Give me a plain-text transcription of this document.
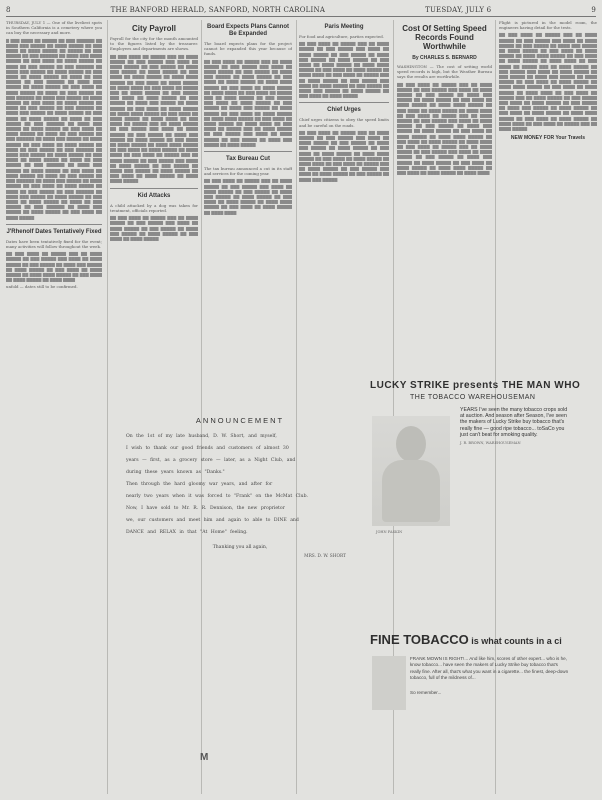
8	THE BANFORD HERALD, SANFORD, NORTH CAROLINA	TUESDAY, JULY 6	9

THURSDAY, JULY 1 — One of the liveliest spots in Southern California is a cemetery where you can buy the necessary and more.

▇ ▇▇▇ ▇▇▇▇ ▇▇ ▇▇▇▇▇ ▇▇ ▇▇▇ ▇▇▇▇▇▇ ▇▇ ▇▇▇▇ ▇▇▇ ▇▇▇▇▇ ▇▇ ▇▇▇▇ ▇▇▇▇▇ ▇▇ ▇▇▇ ▇▇▇▇ ▇▇ ▇▇▇▇ ▇▇▇▇▇ ▇▇ ▇▇▇▇▇ ▇▇ ▇▇▇ ▇▇▇▇▇ ▇▇ ▇▇▇ ▇▇▇▇▇▇ ▇▇ ▇▇▇▇ ▇▇▇ ▇▇▇▇ ▇▇▇▇▇ ▇▇ ▇▇▇ ▇▇▇▇ ▇▇ ▇▇▇▇ ▇▇▇▇▇ ▇▇ ▇▇▇▇ ▇▇ ▇▇▇ ▇▇▇▇▇ ▇▇ ▇▇▇ ▇▇▇▇▇▇ ▇▇ ▇▇▇▇ ▇▇▇ ▇▇▇▇▇ ▇▇ ▇▇▇▇ ▇▇▇▇▇ ▇▇ ▇▇▇ ▇▇▇▇ ▇▇ ▇▇▇▇ ▇▇▇▇▇ ▇▇ ▇▇▇▇ ▇▇ ▇▇▇ ▇▇▇▇▇ ▇▇ ▇▇▇ ▇▇▇▇▇▇ ▇▇ ▇▇▇▇ ▇▇▇ ▇▇▇▇▇ ▇▇ ▇▇▇▇ ▇▇▇▇▇ ▇▇ ▇▇▇ ▇▇▇▇ ▇▇ ▇▇▇▇ ▇▇▇▇▇ ▇▇ ▇▇▇▇ ▇▇ ▇▇▇ ▇▇▇▇▇ ▇▇ ▇▇▇ ▇▇▇▇▇▇ ▇▇ ▇▇▇▇ ▇▇▇ ▇▇▇▇▇ ▇▇ ▇▇▇▇ ▇▇▇▇▇ ▇▇ ▇▇▇ ▇▇▇▇ ▇▇ ▇▇▇▇ ▇▇▇▇▇ ▇▇ ▇▇▇▇ ▇▇ ▇▇▇ ▇▇▇▇▇ ▇▇ ▇▇▇ ▇▇▇▇▇▇ ▇▇ ▇▇▇▇ ▇▇▇ ▇▇▇▇▇ ▇▇ ▇▇▇▇ ▇▇▇▇▇ ▇▇ ▇▇▇ ▇▇▇▇ ▇▇ ▇▇▇▇ ▇▇▇▇▇ ▇▇ ▇▇▇▇ ▇▇ ▇▇▇ ▇▇▇▇▇ ▇▇ ▇▇▇ ▇▇▇▇▇▇ ▇▇ ▇▇▇▇ ▇▇▇ ▇▇▇▇▇ ▇▇ ▇▇▇▇ ▇▇▇▇▇ ▇▇ ▇▇▇ ▇▇▇▇ ▇▇ ▇▇▇▇ ▇▇▇▇▇ ▇▇ ▇▇▇▇ ▇▇ ▇▇▇ ▇▇▇▇▇ ▇▇ ▇▇▇ ▇▇▇▇▇▇ ▇▇ ▇▇▇▇ ▇▇▇ ▇▇▇▇▇ ▇▇ ▇▇▇▇ ▇▇▇▇▇ ▇▇ ▇▇▇ ▇▇▇▇ ▇▇ ▇▇▇▇ ▇▇▇▇▇ ▇▇ ▇▇▇▇ ▇▇ ▇▇▇ ▇▇▇▇▇ ▇▇ ▇▇▇ ▇▇▇▇▇▇ ▇▇ ▇▇▇▇ ▇▇▇ ▇▇▇▇▇ ▇▇ ▇▇▇▇ ▇▇▇▇▇ ▇▇ ▇▇▇ ▇▇▇▇ ▇▇ ▇▇▇▇ ▇▇▇▇▇ ▇▇ ▇▇▇▇ ▇▇ ▇▇▇ ▇▇▇▇▇ ▇▇ ▇▇▇ ▇▇▇▇▇▇ ▇▇ ▇▇▇▇ ▇▇▇ ▇▇▇▇▇ ▇▇ ▇▇▇▇ ▇▇▇▇▇ ▇▇ ▇▇▇ ▇▇▇▇ ▇▇ ▇▇▇▇ ▇▇▇▇▇ ▇▇ ▇▇▇▇ ▇▇ ▇▇▇ ▇▇▇▇▇ ▇▇ ▇▇▇ ▇▇▇▇▇▇ ▇▇ ▇▇▇▇ ▇▇▇ ▇▇▇▇▇ ▇▇ ▇▇▇▇ ▇▇▇▇▇ ▇▇ ▇▇▇ ▇▇▇▇ ▇▇ ▇▇▇▇ ▇▇▇▇▇ ▇▇ ▇▇▇▇ ▇▇ ▇▇▇ ▇▇▇▇▇ ▇▇ ▇▇▇ ▇▇▇▇▇▇ ▇▇ ▇▇▇▇ ▇▇▇ ▇▇▇▇▇ ▇▇ ▇▇▇▇ ▇▇▇▇▇ ▇▇ ▇▇▇ ▇▇▇▇ ▇▇ ▇▇▇▇ ▇▇▇▇▇ ▇▇ ▇▇▇▇ ▇▇ ▇▇▇ ▇▇▇▇▇ ▇▇ ▇▇▇ ▇▇▇▇▇▇ ▇▇ ▇▇▇▇ ▇▇▇ ▇▇▇▇▇ ▇▇ ▇▇▇▇ ▇▇▇▇▇ ▇▇ ▇▇▇ ▇▇▇▇ ▇▇ ▇▇▇▇ ▇▇▇▇▇

J'Rhenolf Dates Tentatively Fixed

Dates have been tentatively fixed for the event; many activities will follow throughout the week.

▇▇ ▇▇▇ ▇▇▇▇ ▇▇ ▇▇▇▇▇ ▇▇▇ ▇▇ ▇▇▇▇ ▇▇▇▇▇ ▇▇ ▇▇▇ ▇▇▇▇▇ ▇▇▇ ▇▇▇▇ ▇▇ ▇▇▇▇ ▇▇▇▇▇ ▇▇ ▇▇▇ ▇▇▇▇▇ ▇▇ ▇▇▇▇ ▇▇▇ ▇▇▇▇▇ ▇▇ ▇▇▇▇ ▇▇▇▇▇ ▇▇ ▇▇▇ ▇▇▇▇ ▇▇ ▇▇▇▇ ▇▇▇▇▇ ▇▇ ▇▇▇▇ ▇▇▇▇ ▇▇▇▇▇ ▇▇ ▇▇▇ ▇▇▇▇ ▇▇ ▇▇▇▇ ▇▇▇▇▇ ▇▇ ▇▇▇▇ ▇▇▇▇

unfold — dates still to be confirmed.

City Payroll

Payroll for the city for the month amounted to the figures listed by the treasurer. Employees and departments are shown.

▇▇ ▇▇▇ ▇▇▇▇ ▇▇ ▇▇▇▇▇ ▇▇▇ ▇▇ ▇▇▇▇ ▇▇▇▇▇ ▇▇ ▇▇▇ ▇▇▇▇▇ ▇▇▇ ▇▇▇▇ ▇▇ ▇▇▇▇ ▇▇▇▇▇ ▇▇ ▇▇▇ ▇▇▇▇▇ ▇▇ ▇▇▇▇ ▇▇▇ ▇▇▇▇▇ ▇▇ ▇▇▇▇ ▇▇▇▇▇ ▇▇ ▇▇▇ ▇▇▇▇ ▇▇ ▇▇▇▇ ▇▇▇▇▇ ▇▇ ▇▇▇▇ ▇▇▇▇ ▇▇▇▇▇ ▇▇ ▇▇▇ ▇▇▇▇ ▇▇ ▇▇▇▇ ▇▇▇▇▇ ▇▇ ▇▇▇▇ ▇▇▇▇ ▇▇ ▇▇▇ ▇▇▇▇ ▇▇ ▇▇▇▇▇ ▇▇▇ ▇▇ ▇▇▇▇ ▇▇▇▇▇ ▇▇ ▇▇▇ ▇▇▇▇▇ ▇▇▇ ▇▇▇▇ ▇▇ ▇▇▇▇ ▇▇▇▇▇ ▇▇ ▇▇▇ ▇▇▇▇▇ ▇▇ ▇▇▇▇ ▇▇▇ ▇▇▇▇▇ ▇▇ ▇▇▇▇ ▇▇▇▇▇ ▇▇ ▇▇▇ ▇▇▇▇ ▇▇ ▇▇▇▇ ▇▇▇▇▇ ▇▇ ▇▇▇▇ ▇▇▇▇ ▇▇▇▇▇ ▇▇ ▇▇▇ ▇▇▇▇ ▇▇ ▇▇▇▇ ▇▇▇▇▇ ▇▇ ▇▇▇▇ ▇▇▇▇ ▇▇ ▇▇▇ ▇▇▇▇ ▇▇ ▇▇▇▇▇ ▇▇▇ ▇▇ ▇▇▇▇ ▇▇▇▇▇ ▇▇ ▇▇▇ ▇▇▇▇▇ ▇▇▇ ▇▇▇▇ ▇▇ ▇▇▇▇ ▇▇▇▇▇ ▇▇ ▇▇▇ ▇▇▇▇▇ ▇▇ ▇▇▇▇ ▇▇▇ ▇▇▇▇▇ ▇▇ ▇▇▇▇ ▇▇▇▇▇ ▇▇ ▇▇▇ ▇▇▇▇ ▇▇ ▇▇▇▇ ▇▇▇▇▇ ▇▇ ▇▇▇▇ ▇▇▇▇ ▇▇▇▇▇ ▇▇ ▇▇▇ ▇▇▇▇ ▇▇ ▇▇▇▇ ▇▇▇▇▇ ▇▇ ▇▇▇▇ ▇▇▇▇ ▇▇ ▇▇▇ ▇▇▇▇ ▇▇ ▇▇▇▇▇ ▇▇▇ ▇▇ ▇▇▇▇ ▇▇▇▇▇ ▇▇ ▇▇▇ ▇▇▇▇▇ ▇▇▇ ▇▇▇▇ ▇▇ ▇▇▇▇ ▇▇▇▇▇ ▇▇ ▇▇▇ ▇▇▇▇▇ ▇▇ ▇▇▇▇ ▇▇▇ ▇▇▇▇▇ ▇▇ ▇▇▇▇ ▇▇▇▇▇ ▇▇ ▇▇▇ ▇▇▇▇ ▇▇ ▇▇▇▇ ▇▇▇▇▇ ▇▇ ▇▇▇▇ ▇▇▇▇ ▇▇▇▇▇

Kid Attacks

A child attacked by a dog was taken for treatment, officials reported.

▇▇ ▇▇▇ ▇▇▇▇ ▇▇ ▇▇▇▇▇ ▇▇▇ ▇▇ ▇▇▇▇ ▇▇▇▇▇ ▇▇ ▇▇▇ ▇▇▇▇▇ ▇▇▇ ▇▇▇▇ ▇▇ ▇▇▇▇ ▇▇▇▇▇ ▇▇ ▇▇▇ ▇▇▇▇▇ ▇▇ ▇▇▇▇ ▇▇▇ ▇▇▇▇▇ ▇▇ ▇▇▇▇ ▇▇▇▇▇ ▇▇ ▇▇▇ ▇▇▇▇ ▇▇ ▇▇▇▇ ▇▇▇▇▇

Board Expects Plans Cannot Be Expanded

The board expects plans for the project cannot be expanded this year because of funds.

▇▇ ▇▇▇ ▇▇▇▇ ▇▇ ▇▇▇▇▇ ▇▇▇ ▇▇ ▇▇▇▇ ▇▇▇▇▇ ▇▇ ▇▇▇ ▇▇▇▇▇ ▇▇▇ ▇▇▇▇ ▇▇ ▇▇▇▇ ▇▇▇▇▇ ▇▇ ▇▇▇ ▇▇▇▇▇ ▇▇ ▇▇▇▇ ▇▇▇ ▇▇▇▇▇ ▇▇ ▇▇▇▇ ▇▇▇▇▇ ▇▇ ▇▇▇ ▇▇▇▇ ▇▇ ▇▇▇▇ ▇▇▇▇▇ ▇▇ ▇▇▇▇ ▇▇▇▇ ▇▇▇▇▇ ▇▇ ▇▇▇ ▇▇▇▇ ▇▇ ▇▇▇▇ ▇▇▇▇▇ ▇▇ ▇▇▇▇ ▇▇▇▇ ▇▇ ▇▇▇ ▇▇▇▇ ▇▇ ▇▇▇▇▇ ▇▇▇ ▇▇ ▇▇▇▇ ▇▇▇▇▇ ▇▇ ▇▇▇ ▇▇▇▇▇ ▇▇▇ ▇▇▇▇ ▇▇ ▇▇▇▇ ▇▇▇▇▇ ▇▇ ▇▇▇ ▇▇▇▇▇ ▇▇ ▇▇▇▇ ▇▇▇ ▇▇▇▇▇ ▇▇ ▇▇▇▇ ▇▇▇▇▇ ▇▇ ▇▇▇ ▇▇▇▇ ▇▇ ▇▇▇▇ ▇▇▇▇▇ ▇▇ ▇▇▇▇ ▇▇▇▇ ▇▇▇▇▇ ▇▇ ▇▇▇ ▇▇▇▇ ▇▇ ▇▇▇▇ ▇▇▇▇▇ ▇▇ ▇▇▇▇ ▇▇▇▇ ▇▇ ▇▇▇ ▇▇▇▇ ▇▇ ▇▇▇▇▇ ▇▇▇ ▇▇ ▇▇▇▇ ▇▇▇▇▇ ▇▇ ▇▇▇ ▇▇▇▇▇ ▇▇▇ ▇▇▇▇ ▇▇ ▇▇▇▇ ▇▇▇▇▇ ▇▇ ▇▇▇ ▇▇▇▇▇ ▇▇ ▇▇▇▇ ▇▇▇ ▇▇▇▇▇ ▇▇ ▇▇▇▇ ▇▇▇▇▇

Tax Bureau Cut

The tax bureau announced a cut in its staff and services for the coming year.

▇▇ ▇▇▇ ▇▇▇▇ ▇▇ ▇▇▇▇▇ ▇▇▇ ▇▇ ▇▇▇▇ ▇▇▇▇▇ ▇▇ ▇▇▇ ▇▇▇▇▇ ▇▇▇ ▇▇▇▇ ▇▇ ▇▇▇▇ ▇▇▇▇▇ ▇▇ ▇▇▇ ▇▇▇▇▇ ▇▇ ▇▇▇▇ ▇▇▇ ▇▇▇▇▇ ▇▇ ▇▇▇▇ ▇▇▇▇▇ ▇▇ ▇▇▇ ▇▇▇▇ ▇▇ ▇▇▇▇ ▇▇▇▇▇ ▇▇ ▇▇▇▇ ▇▇▇▇ ▇▇▇▇▇ ▇▇ ▇▇▇ ▇▇▇▇ ▇▇ ▇▇▇▇ ▇▇▇▇▇ ▇▇ ▇▇▇▇ ▇▇▇▇

Paris Meeting

For food and agriculture, parties expected.

▇▇ ▇▇▇ ▇▇▇▇ ▇▇ ▇▇▇▇▇ ▇▇▇ ▇▇ ▇▇▇▇ ▇▇▇▇▇ ▇▇ ▇▇▇ ▇▇▇▇▇ ▇▇▇ ▇▇▇▇ ▇▇ ▇▇▇▇ ▇▇▇▇▇ ▇▇ ▇▇▇ ▇▇▇▇▇ ▇▇ ▇▇▇▇ ▇▇▇ ▇▇▇▇▇ ▇▇ ▇▇▇▇ ▇▇▇▇▇ ▇▇ ▇▇▇ ▇▇▇▇ ▇▇ ▇▇▇▇ ▇▇▇▇▇ ▇▇ ▇▇▇▇ ▇▇▇▇ ▇▇▇▇▇ ▇▇ ▇▇▇ ▇▇▇▇ ▇▇ ▇▇▇▇ ▇▇▇▇▇ ▇▇ ▇▇▇▇ ▇▇▇▇ ▇▇ ▇▇▇ ▇▇▇▇ ▇▇ ▇▇▇▇▇ ▇▇▇ ▇▇ ▇▇▇▇ ▇▇▇▇▇ ▇▇ ▇▇▇ ▇▇▇▇▇ ▇▇▇ ▇▇▇▇ ▇▇ ▇▇▇▇ ▇▇▇▇▇ ▇▇ ▇▇▇ ▇▇▇▇▇ ▇▇ ▇▇▇▇ ▇▇▇ ▇▇▇▇▇ ▇▇ ▇▇▇▇ ▇▇▇▇▇ ▇▇ ▇▇▇ ▇▇▇▇ ▇▇ ▇▇▇▇ ▇▇▇▇▇

Chief Urges

Chief urges citizens to obey the speed limits and be careful on the roads.

▇▇ ▇▇▇ ▇▇▇▇ ▇▇ ▇▇▇▇▇ ▇▇▇ ▇▇ ▇▇▇▇ ▇▇▇▇▇ ▇▇ ▇▇▇ ▇▇▇▇▇ ▇▇▇ ▇▇▇▇ ▇▇ ▇▇▇▇ ▇▇▇▇▇ ▇▇ ▇▇▇ ▇▇▇▇▇ ▇▇ ▇▇▇▇ ▇▇▇ ▇▇▇▇▇ ▇▇ ▇▇▇▇ ▇▇▇▇▇ ▇▇ ▇▇▇ ▇▇▇▇ ▇▇ ▇▇▇▇ ▇▇▇▇▇ ▇▇ ▇▇▇▇ ▇▇▇▇ ▇▇▇▇▇ ▇▇ ▇▇▇ ▇▇▇▇ ▇▇ ▇▇▇▇ ▇▇▇▇▇ ▇▇ ▇▇▇▇ ▇▇▇▇ ▇▇ ▇▇▇ ▇▇▇▇ ▇▇ ▇▇▇▇▇ ▇▇▇ ▇▇ ▇▇▇▇ ▇▇▇▇▇ ▇▇ ▇▇▇ ▇▇▇▇▇ ▇▇▇ ▇▇▇▇ ▇▇ ▇▇▇▇ ▇▇▇▇▇ ▇▇ ▇▇▇ ▇▇▇▇▇ ▇▇ ▇▇▇▇ ▇▇▇ ▇▇▇▇▇

Cost Of Setting Speed Records Found Worthwhile
By CHARLES S. BERNARD

WASHINGTON — The cost of setting world speed records is high, but the Weather Bureau says the results are worthwhile.

▇▇ ▇▇▇ ▇▇▇▇ ▇▇ ▇▇▇▇▇ ▇▇▇ ▇▇ ▇▇▇▇ ▇▇▇▇▇ ▇▇ ▇▇▇ ▇▇▇▇▇ ▇▇▇ ▇▇▇▇ ▇▇ ▇▇▇▇ ▇▇▇▇▇ ▇▇ ▇▇▇ ▇▇▇▇▇ ▇▇ ▇▇▇▇ ▇▇▇ ▇▇▇▇▇ ▇▇ ▇▇▇▇ ▇▇▇▇▇ ▇▇ ▇▇▇ ▇▇▇▇ ▇▇ ▇▇▇▇ ▇▇▇▇▇ ▇▇ ▇▇▇▇ ▇▇▇▇ ▇▇▇▇▇ ▇▇ ▇▇▇ ▇▇▇▇ ▇▇ ▇▇▇▇ ▇▇▇▇▇ ▇▇ ▇▇▇▇ ▇▇▇▇ ▇▇ ▇▇▇ ▇▇▇▇ ▇▇ ▇▇▇▇▇ ▇▇▇ ▇▇ ▇▇▇▇ ▇▇▇▇▇ ▇▇ ▇▇▇ ▇▇▇▇▇ ▇▇▇ ▇▇▇▇ ▇▇ ▇▇▇▇ ▇▇▇▇▇ ▇▇ ▇▇▇ ▇▇▇▇▇ ▇▇ ▇▇▇▇ ▇▇▇ ▇▇▇▇▇ ▇▇ ▇▇▇▇ ▇▇▇▇▇ ▇▇ ▇▇▇ ▇▇▇▇ ▇▇ ▇▇▇▇ ▇▇▇▇▇ ▇▇ ▇▇▇▇ ▇▇▇▇ ▇▇▇▇▇ ▇▇ ▇▇▇ ▇▇▇▇ ▇▇ ▇▇▇▇ ▇▇▇▇▇ ▇▇ ▇▇▇▇ ▇▇▇▇ ▇▇ ▇▇▇ ▇▇▇▇ ▇▇ ▇▇▇▇▇ ▇▇▇ ▇▇ ▇▇▇▇ ▇▇▇▇▇ ▇▇ ▇▇▇ ▇▇▇▇▇ ▇▇▇ ▇▇▇▇ ▇▇ ▇▇▇▇ ▇▇▇▇▇ ▇▇ ▇▇▇ ▇▇▇▇▇ ▇▇ ▇▇▇▇ ▇▇▇ ▇▇▇▇▇ ▇▇ ▇▇▇▇ ▇▇▇▇▇ ▇▇ ▇▇▇ ▇▇▇▇ ▇▇ ▇▇▇▇ ▇▇▇▇▇ ▇▇ ▇▇▇▇ ▇▇▇▇ ▇▇▇▇▇ ▇▇ ▇▇▇ ▇▇▇▇ ▇▇ ▇▇▇▇ ▇▇▇▇▇ ▇▇ ▇▇▇▇ ▇▇▇▇

Flight is pictured in the model room, the engineers having detail for the tests.

▇▇ ▇▇▇ ▇▇▇▇ ▇▇ ▇▇▇▇▇ ▇▇▇ ▇▇ ▇▇▇▇ ▇▇▇▇▇ ▇▇ ▇▇▇ ▇▇▇▇▇ ▇▇▇ ▇▇▇▇ ▇▇ ▇▇▇▇ ▇▇▇▇▇ ▇▇ ▇▇▇ ▇▇▇▇▇ ▇▇ ▇▇▇▇ ▇▇▇ ▇▇▇▇▇ ▇▇ ▇▇▇▇ ▇▇▇▇▇ ▇▇ ▇▇▇ ▇▇▇▇ ▇▇ ▇▇▇▇ ▇▇▇▇▇ ▇▇ ▇▇▇▇ ▇▇▇▇ ▇▇▇▇▇ ▇▇ ▇▇▇ ▇▇▇▇ ▇▇ ▇▇▇▇ ▇▇▇▇▇ ▇▇ ▇▇▇▇ ▇▇▇▇ ▇▇ ▇▇▇ ▇▇▇▇ ▇▇ ▇▇▇▇▇ ▇▇▇ ▇▇ ▇▇▇▇ ▇▇▇▇▇ ▇▇ ▇▇▇ ▇▇▇▇▇ ▇▇▇ ▇▇▇▇ ▇▇ ▇▇▇▇ ▇▇▇▇▇ ▇▇ ▇▇▇ ▇▇▇▇▇ ▇▇ ▇▇▇▇ ▇▇▇ ▇▇▇▇▇ ▇▇ ▇▇▇▇ ▇▇▇▇▇ ▇▇ ▇▇▇ ▇▇▇▇ ▇▇ ▇▇▇▇ ▇▇▇▇▇ ▇▇ ▇▇▇▇ ▇▇▇▇ ▇▇▇▇▇ ▇▇ ▇▇▇ ▇▇▇▇ ▇▇ ▇▇▇▇ ▇▇▇▇▇ ▇▇ ▇▇▇▇ ▇▇▇▇ ▇▇ ▇▇▇ ▇▇▇▇ ▇▇ ▇▇▇▇▇ ▇▇▇ ▇▇ ▇▇▇▇ ▇▇▇▇▇ ▇▇ ▇▇▇ ▇▇▇▇▇ ▇▇▇ ▇▇▇▇ ▇▇ ▇▇▇▇ ▇▇▇▇▇ ▇▇ ▇▇▇ ▇▇▇▇▇ ▇▇ ▇▇▇▇ ▇▇▇ ▇▇▇▇▇ ▇▇ ▇▇▇▇ ▇▇▇▇▇ ▇▇ ▇▇▇ ▇▇▇▇ ▇▇ ▇▇▇▇ ▇▇▇▇▇ ▇▇ ▇▇▇▇ ▇▇▇▇ ▇▇▇▇▇ ▇▇ ▇▇▇ ▇▇▇▇ ▇▇ ▇▇▇▇ ▇▇▇▇▇ ▇▇ ▇▇▇▇ ▇▇▇▇ ▇▇ ▇▇▇ ▇▇▇▇ ▇▇ ▇▇▇▇▇ ▇▇▇ ▇▇ ▇▇▇▇ ▇▇▇▇▇

NEW MONEY FOR Your Travels
ANNOUNCEMENT
On the 1st of my late husband, D. W. Short, and myself,
I wish to thank our good friends and customers of almost 30
years — first, as a grocery store — later, as a Night Club, and
during these years known as "Danks."
Then through the hard gloomy war years, and after for
nearly two years when it was forced to "Frank" on the McMat Club.
Now, I have sold to Mr. R. R. Dennison, the new proprietor
we, our customers and meet him and again to able to DINE and
DANCE and RELAX in that "At Home" feeling.
Thanking you all again,
MRS. D. W. SHORT
LUCKY STRIKE presents THE MAN WHO
THE TOBACCO WAREHOUSEMAN
JOHN FASKIN
YEARS I've seen the many tobacco crops sold at auction. And season after Season, I've seen the makers of Lucky Strike buy tobacco that's really fine — good ripe tobacco... toSaCo you just can't beat for smoking quality.
J. R. BROWN, WAREHOUSEMAN
FINE TOBACCO is what counts in a ci
FRANK MOWN IS RIGHT!... And like him, scores of other expert... who is he, know tobacco... have seen the makers of Lucky Strike buy tobacco that's really fine. After all, that's what you want in a cigarette... the finest, deep-down tobacco, full of the mildness of...
So remember...
M
